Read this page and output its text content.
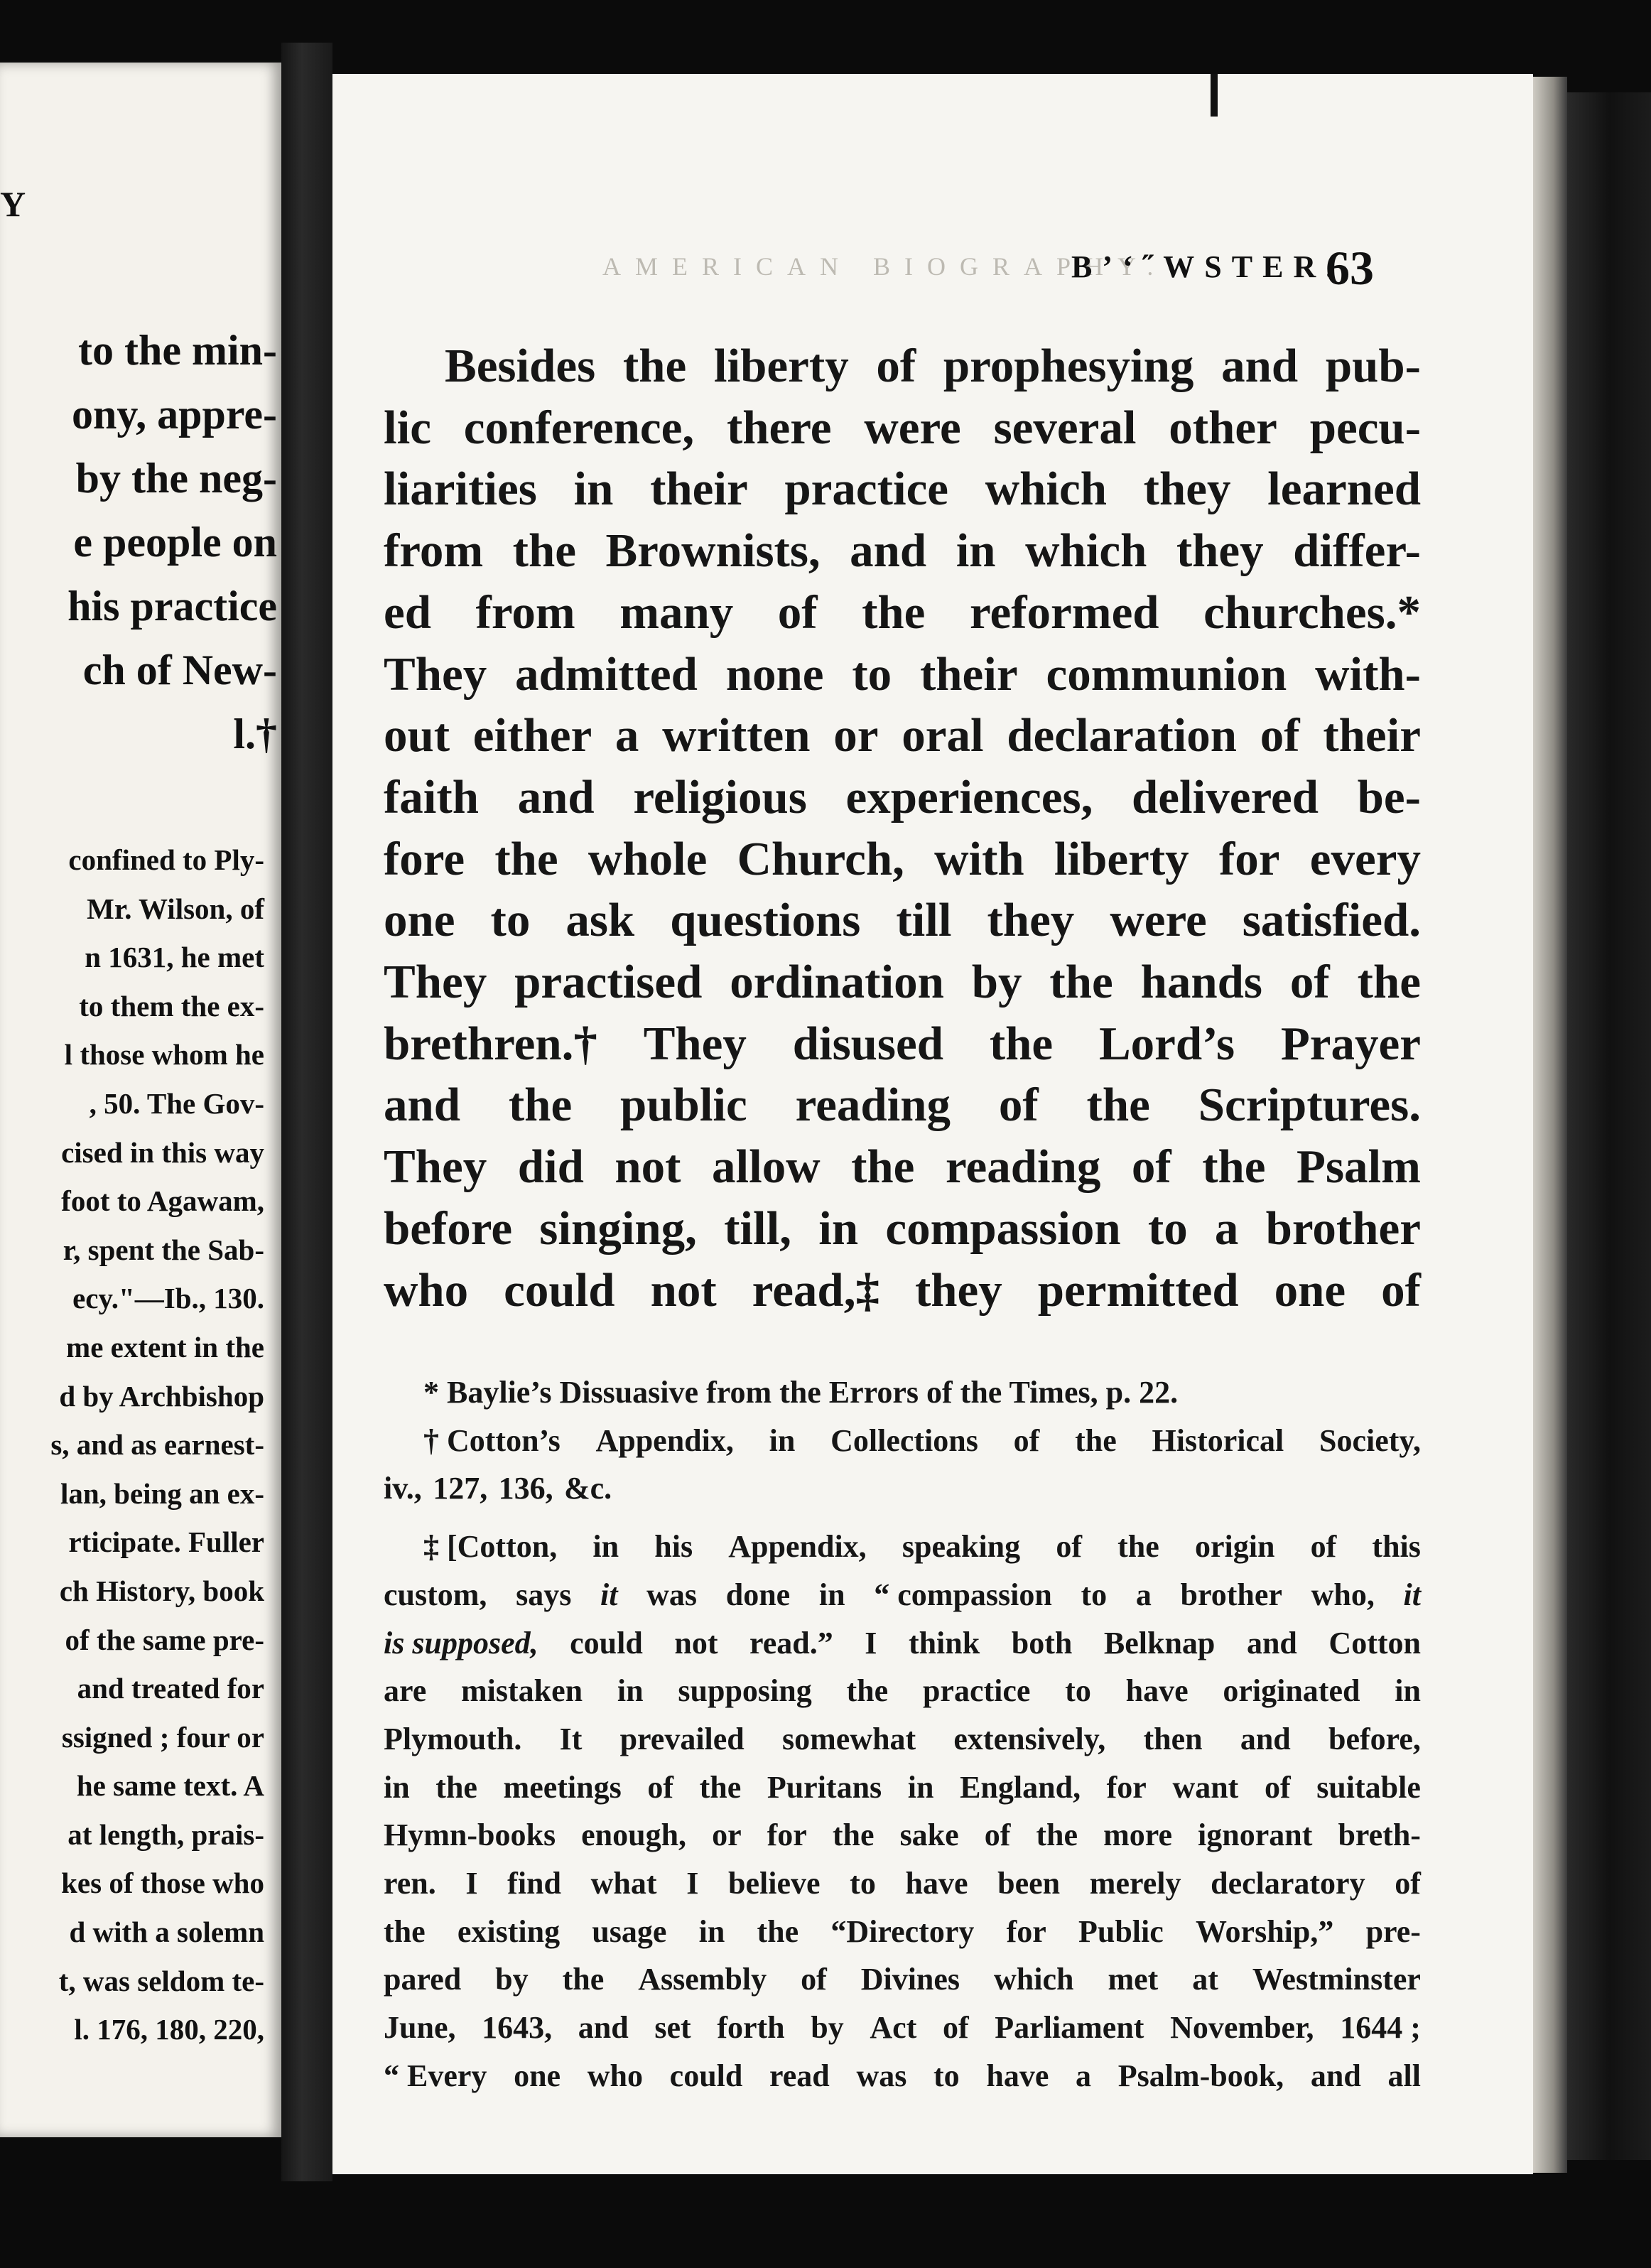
Y
to the min-
ony, appre-
by the neg-
e people on
his practice
ch of New-
l.†
confined to Ply-
Mr. Wilson, of
n 1631, he met
to them the ex-
l those whom he
, 50. The Gov-
cised in this way
foot to Agawam,
r, spent the Sab-
ecy."—Ib., 130.
me extent in the
d by Archbishop
s, and as earnest-
lan, being an ex-
rticipate. Fuller
ch History, book
of the same pre-
and treated for
ssigned ; four or
he same text. A
at length, prais-
kes of those who
d with a solemn
t, was seldom te-
l. 176, 180, 220,
AMERICAN BIOGRAPHY.
B’‘˝WSTER.
63
Besides the liberty of prophesying and pub-
lic conference, there were several other pecu-
liarities in their practice which they learned
from the Brownists, and in which they differ-
ed from many of the reformed churches.*
They admitted none to their communion with-
out either a written or oral declaration of their
faith and religious experiences, delivered be-
fore the whole Church, with liberty for every
one to ask questions till they were satisfied.
They practised ordination by the hands of the
brethren.† They disused the Lord’s Prayer
and the public reading of the Scriptures.
They did not allow the reading of the Psalm
before singing, till, in compassion to a brother
who could not read,‡ they permitted one of
* Baylie’s Dissuasive from the Errors of the Times, p. 22.
† Cotton’s Appendix, in Collections of the Historical Society,
iv., 127, 136, &c.
‡ [Cotton, in his Appendix, speaking of the origin of this
custom, says it was done in “ compassion to a brother who, it
is supposed, could not read.” I think both Belknap and Cotton
are mistaken in supposing the practice to have originated in
Plymouth. It prevailed somewhat extensively, then and before,
in the meetings of the Puritans in England, for want of suitable
Hymn-books enough, or for the sake of the more ignorant breth-
ren. I find what I believe to have been merely declaratory of
the existing usage in the “Directory for Public Worship,” pre-
pared by the Assembly of Divines which met at Westminster
June, 1643, and set forth by Act of Parliament November, 1644 ;
“ Every one who could read was to have a Psalm-book, and all
